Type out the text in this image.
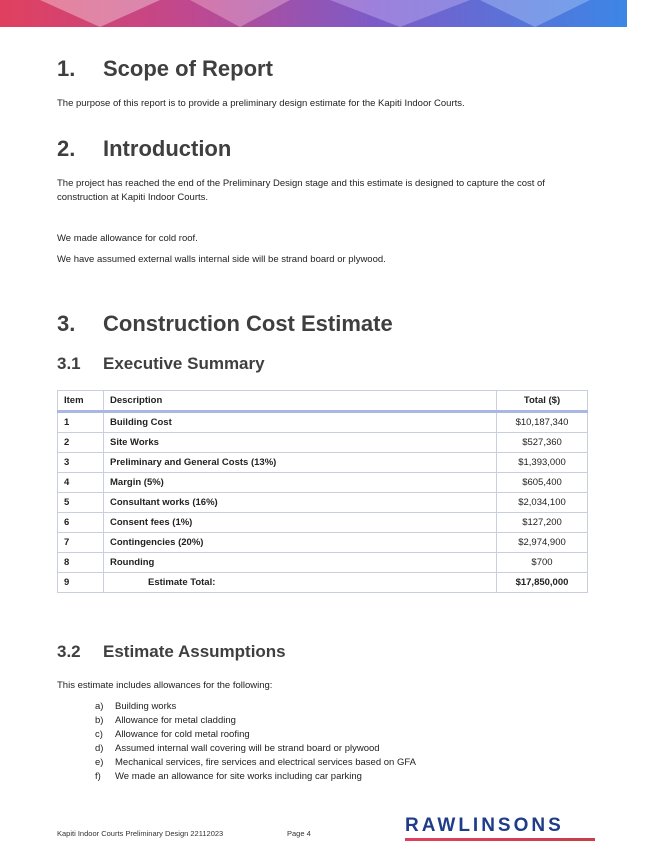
1. Scope of Report
The purpose of this report is to provide a preliminary design estimate for the Kapiti Indoor Courts.
2. Introduction
The project has reached the end of the Preliminary Design stage and this estimate is designed to capture the cost of construction at Kapiti Indoor Courts.
We made allowance for cold roof.
We have assumed external walls internal side will be strand board or plywood.
3. Construction Cost Estimate
3.1 Executive Summary
Item	Description	Total ($)
1	Building Cost	$10,187,340
2	Site Works	$527,360
3	Preliminary and General Costs (13%)	$1,393,000
4	Margin (5%)	$605,400
5	Consultant works (16%)	$2,034,100
6	Consent fees (1%)	$127,200
7	Contingencies (20%)	$2,974,900
8	Rounding	$700
9	Estimate Total:	$17,850,000
3.2 Estimate Assumptions
This estimate includes allowances for the following:
a) Building works
b) Allowance for metal cladding
c) Allowance for cold metal roofing
d) Assumed internal wall covering will be strand board or plywood
e) Mechanical services, fire services and electrical services based on GFA
f) We made an allowance for site works including car parking
Kapiti Indoor Courts Preliminary Design 22112023	Page 4	RAWLINSONS
